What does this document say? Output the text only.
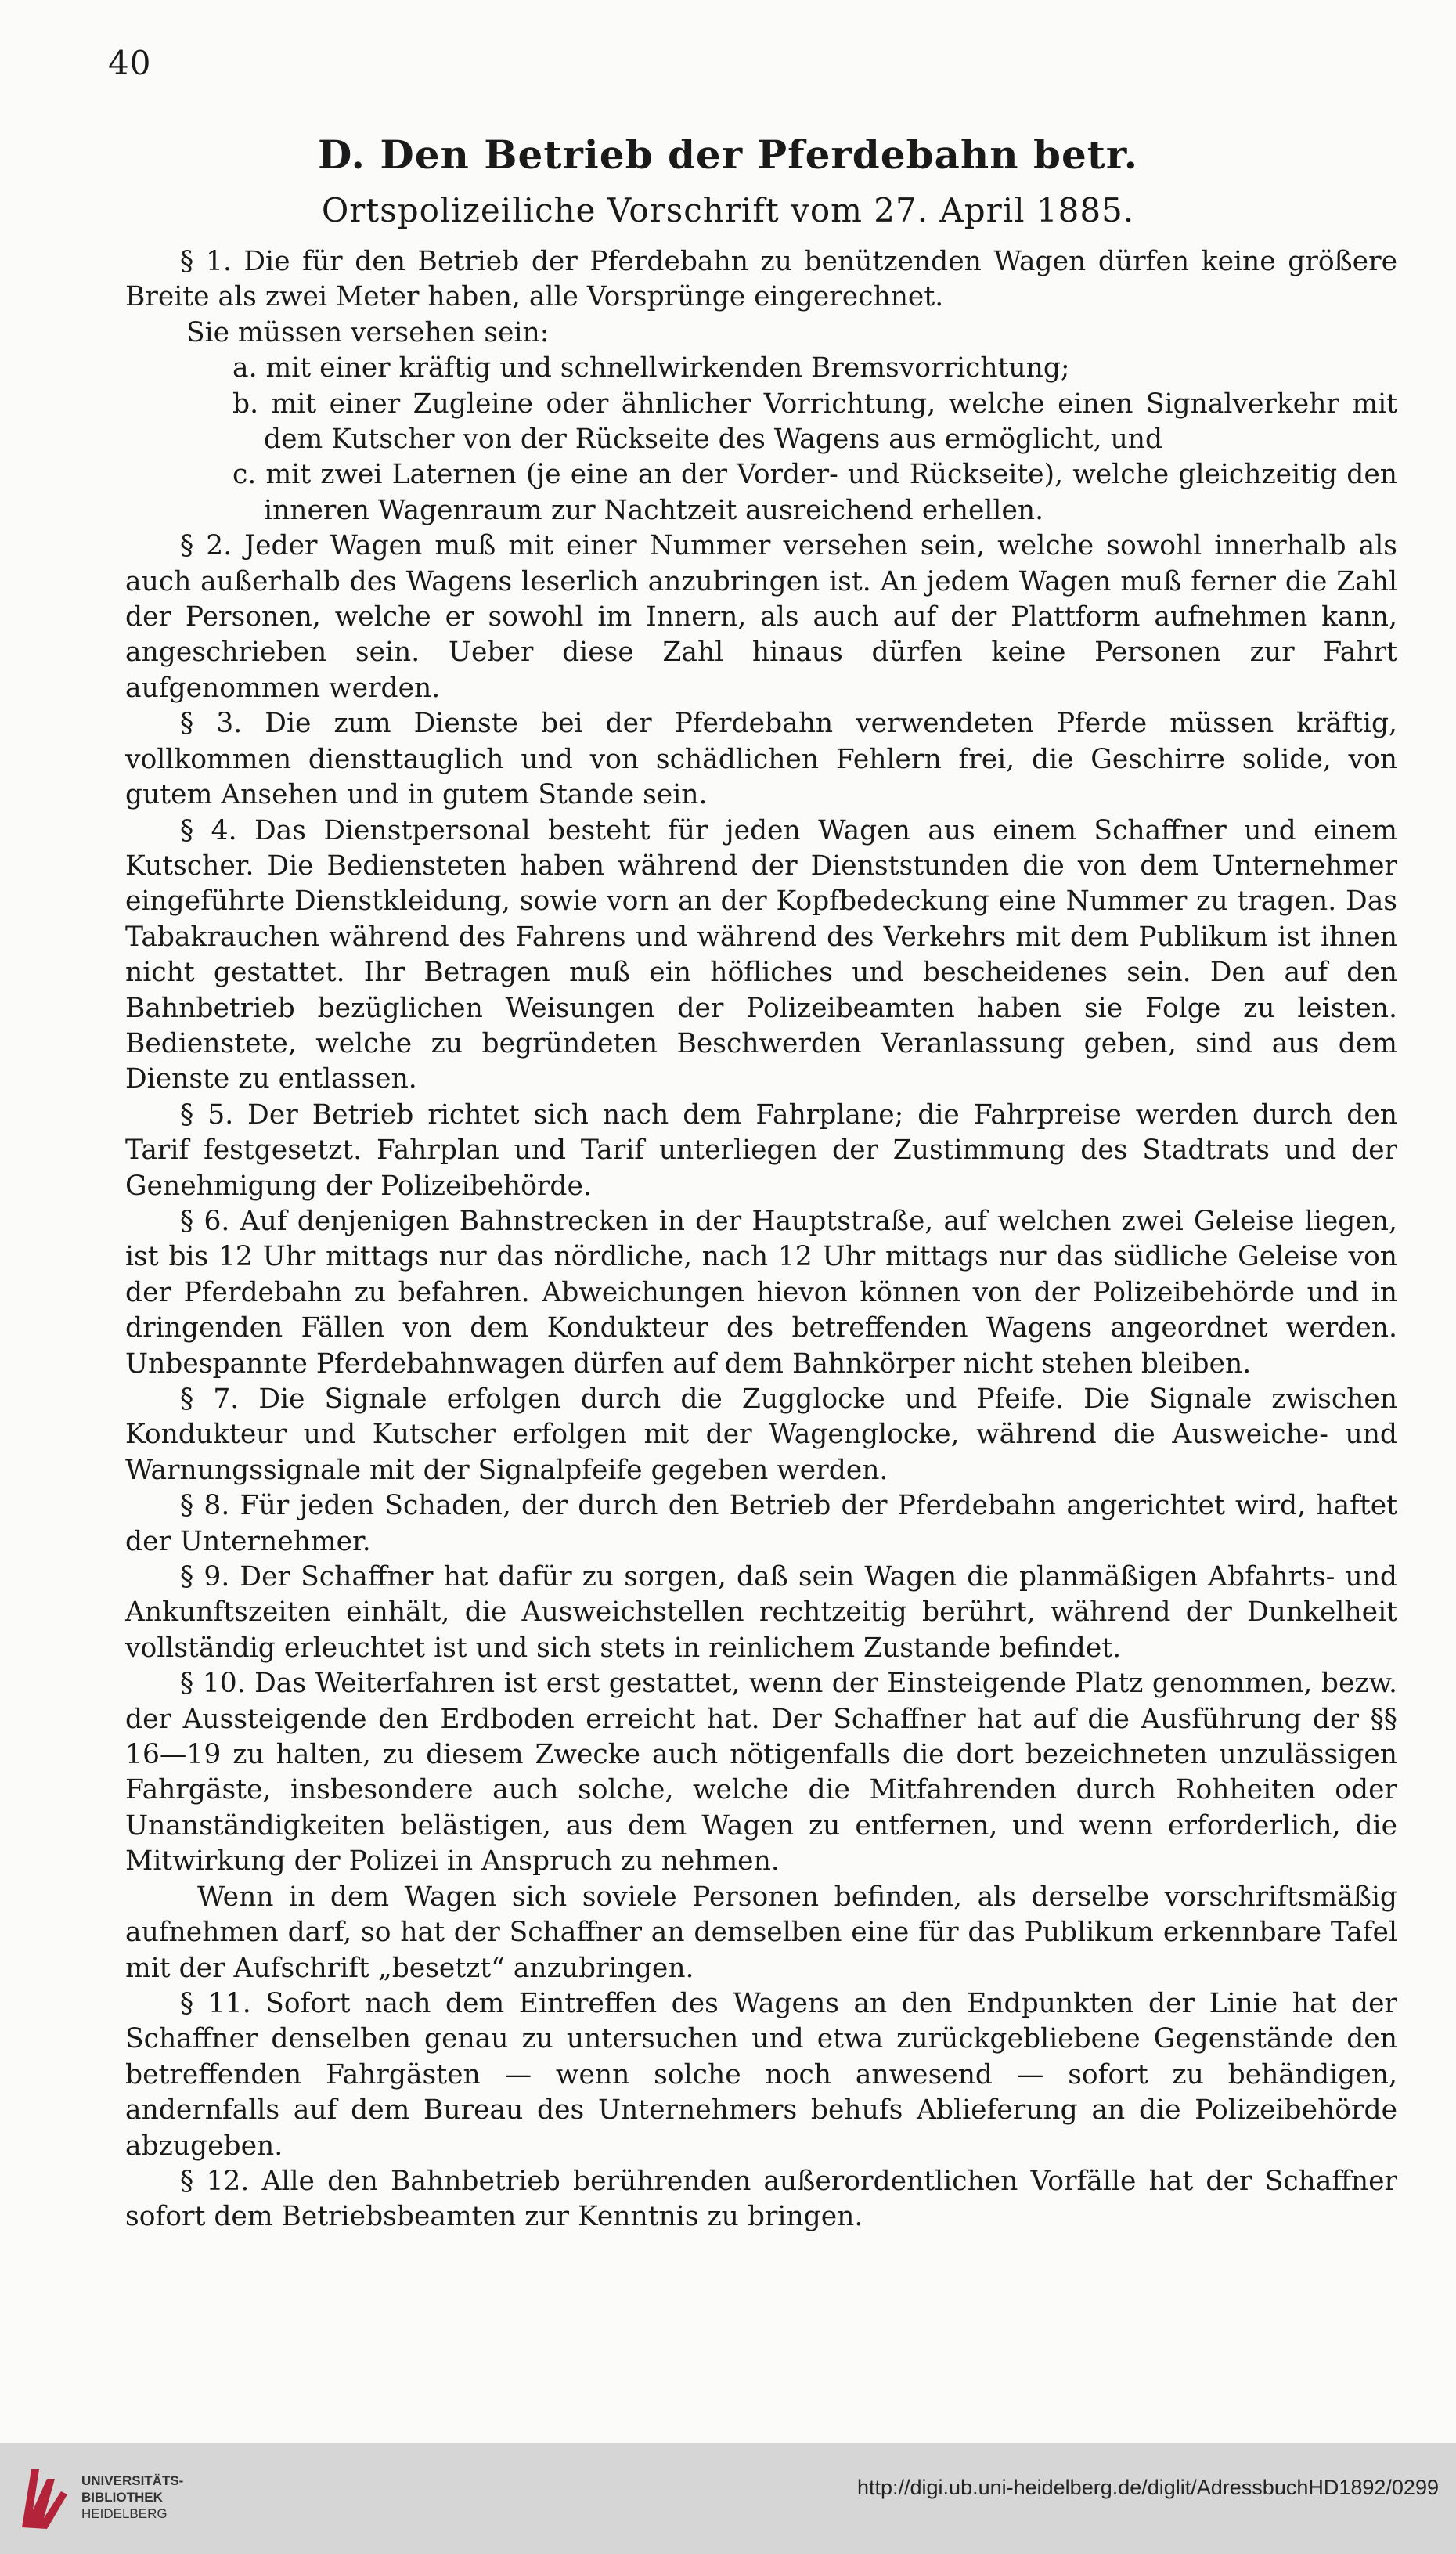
40
D. Den Betrieb der Pferdebahn betr.
Ortspolizeiliche Vorschrift vom 27. April 1885.

§ 1. Die für den Betrieb der Pferdebahn zu benützenden Wagen dürfen keine größere Breite als zwei Meter haben, alle Vorsprünge eingerechnet.

Sie müssen versehen sein:

a. mit einer kräftig und schnellwirkenden Bremsvorrichtung;

b. mit einer Zugleine oder ähnlicher Vorrichtung, welche einen Signalverkehr mit dem Kutscher von der Rückseite des Wagens aus ermöglicht, und

c. mit zwei Laternen (je eine an der Vorder- und Rückseite), welche gleichzeitig den inneren Wagenraum zur Nachtzeit ausreichend erhellen.

§ 2. Jeder Wagen muß mit einer Nummer versehen sein, welche sowohl innerhalb als auch außerhalb des Wagens leserlich anzubringen ist. An jedem Wagen muß ferner die Zahl der Personen, welche er sowohl im Innern, als auch auf der Plattform aufnehmen kann, angeschrieben sein. Ueber diese Zahl hinaus dürfen keine Personen zur Fahrt aufgenommen werden.

§ 3. Die zum Dienste bei der Pferdebahn verwendeten Pferde müssen kräftig, vollkommen diensttauglich und von schädlichen Fehlern frei, die Geschirre solide, von gutem Ansehen und in gutem Stande sein.

§ 4. Das Dienstpersonal besteht für jeden Wagen aus einem Schaffner und einem Kutscher. Die Bediensteten haben während der Dienststunden die von dem Unternehmer eingeführte Dienstkleidung, sowie vorn an der Kopfbedeckung eine Nummer zu tragen. Das Tabakrauchen während des Fahrens und während des Verkehrs mit dem Publikum ist ihnen nicht gestattet. Ihr Betragen muß ein höfliches und bescheidenes sein. Den auf den Bahnbetrieb bezüglichen Weisungen der Polizeibeamten haben sie Folge zu leisten. Bedienstete, welche zu begründeten Beschwerden Veranlassung geben, sind aus dem Dienste zu entlassen.

§ 5. Der Betrieb richtet sich nach dem Fahrplane; die Fahrpreise werden durch den Tarif festgesetzt. Fahrplan und Tarif unterliegen der Zustimmung des Stadtrats und der Genehmigung der Polizeibehörde.

§ 6. Auf denjenigen Bahnstrecken in der Hauptstraße, auf welchen zwei Geleise liegen, ist bis 12 Uhr mittags nur das nördliche, nach 12 Uhr mittags nur das südliche Geleise von der Pferdebahn zu befahren. Abweichungen hievon können von der Polizeibehörde und in dringenden Fällen von dem Kondukteur des betreffenden Wagens angeordnet werden. Unbespannte Pferdebahnwagen dürfen auf dem Bahnkörper nicht stehen bleiben.

§ 7. Die Signale erfolgen durch die Zugglocke und Pfeife. Die Signale zwischen Kondukteur und Kutscher erfolgen mit der Wagenglocke, während die Ausweiche- und Warnungssignale mit der Signalpfeife gegeben werden.

§ 8. Für jeden Schaden, der durch den Betrieb der Pferdebahn angerichtet wird, haftet der Unternehmer.

§ 9. Der Schaffner hat dafür zu sorgen, daß sein Wagen die planmäßigen Abfahrts- und Ankunftszeiten einhält, die Ausweichstellen rechtzeitig berührt, während der Dunkelheit vollständig erleuchtet ist und sich stets in reinlichem Zustande befindet.

§ 10. Das Weiterfahren ist erst gestattet, wenn der Einsteigende Platz genommen, bezw. der Aussteigende den Erdboden erreicht hat. Der Schaffner hat auf die Ausführung der §§ 16—19 zu halten, zu diesem Zwecke auch nötigenfalls die dort bezeichneten unzulässigen Fahrgäste, insbesondere auch solche, welche die Mitfahrenden durch Rohheiten oder Unanständigkeiten belästigen, aus dem Wagen zu entfernen, und wenn erforderlich, die Mitwirkung der Polizei in Anspruch zu nehmen.

Wenn in dem Wagen sich soviele Personen befinden, als derselbe vorschriftsmäßig aufnehmen darf, so hat der Schaffner an demselben eine für das Publikum erkennbare Tafel mit der Aufschrift „besetzt“ anzubringen.

§ 11. Sofort nach dem Eintreffen des Wagens an den Endpunkten der Linie hat der Schaffner denselben genau zu untersuchen und etwa zurückgebliebene Gegenstände den betreffenden Fahrgästen — wenn solche noch anwesend — sofort zu behändigen, andernfalls auf dem Bureau des Unternehmers behufs Ablieferung an die Polizeibehörde abzugeben.

§ 12. Alle den Bahnbetrieb berührenden außerordentlichen Vorfälle hat der Schaffner sofort dem Betriebsbeamten zur Kenntnis zu bringen.

UNIVERSITÄTS-
BIBLIOTHEK
HEIDELBERG
http://digi.ub.uni-heidelberg.de/diglit/AdressbuchHD1892/0299
